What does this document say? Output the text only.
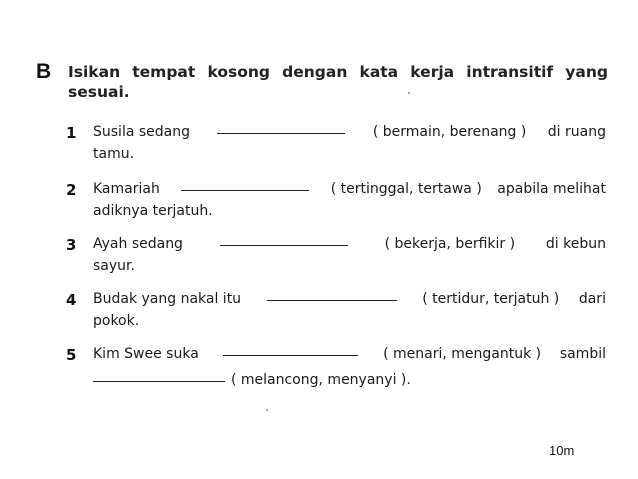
B Isikan tempat kosong dengan kata kerja intransitif yang sesuai.
1 Susila sedang	( bermain, berenang ) di ruang
tamu.
2 Kamariah	( tertinggal, tertawa ) apabila melihat
adiknya terjatuh.
3 Ayah sedang	( bekerja, berfikir ) di kebun
sayur.
4 Budak yang nakal itu	( tertidur, terjatuh ) dari
pokok.
5 Kim Swee suka	( menari, mengantuk ) sambil
( melancong, menyanyi ).
10m
